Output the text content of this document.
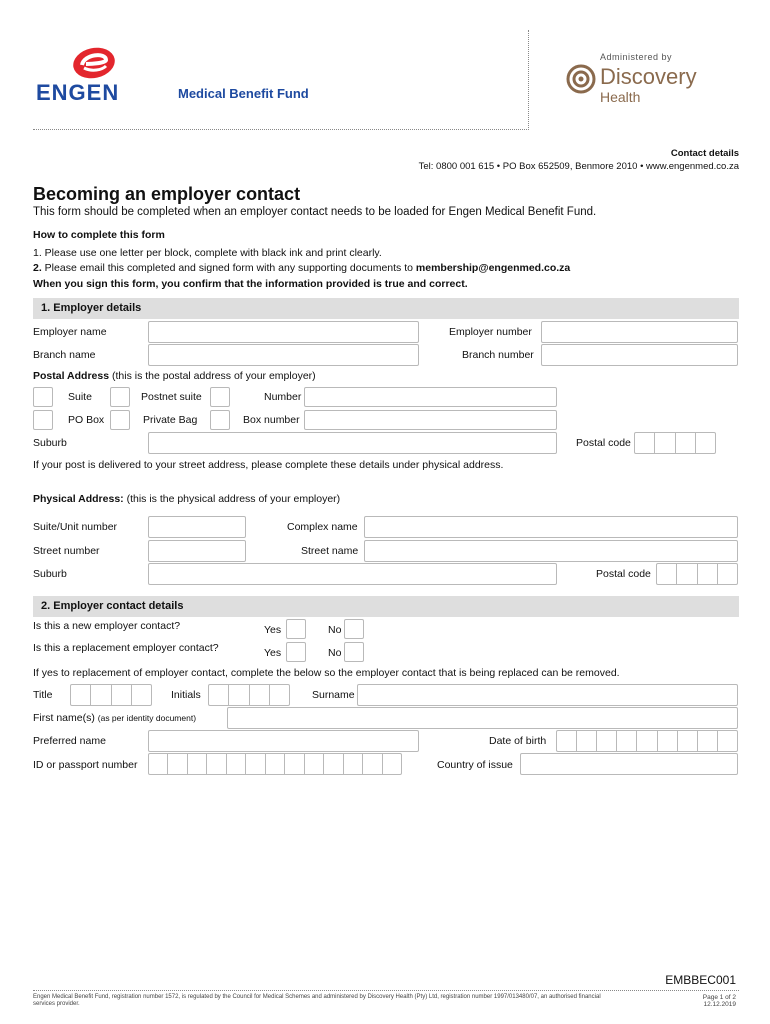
ENGEN	Medical Benefit Fund
Administered by
Discovery
Health
Contact details
Tel: 0800 001 615 • PO Box 652509, Benmore 2010 • www.engenmed.co.za
Becoming an employer contact
This form should be completed when an employer contact needs to be loaded for Engen Medical Benefit Fund.
How to complete this form
1. Please use one letter per block, complete with black ink and print clearly.
2. Please email this completed and signed form with any supporting documents to membership@engenmed.co.za
When you sign this form, you confirm that the information provided is true and correct.
1. Employer details
Employer name	Employer number
Branch name	Branch number
Postal Address (this is the postal address of your employer)
Suite	Postnet suite	Number
PO Box	Private Bag	Box number
Suburb	Postal code
If your post is delivered to your street address, please complete these details under physical address.
Physical Address: (this is the physical address of your employer)
Suite/Unit number	Complex name
Street number	Street name
Suburb	Postal code
2. Employer contact details
Is this a new employer contact?	Yes	No
Is this a replacement employer contact?	Yes	No
If yes to replacement of employer contact, complete the below so the employer contact that is being replaced can be removed.
Title	Initials	Surname
First name(s) (as per identity document)
Preferred name	Date of birth
ID or passport number	Country of issue
EMBBEC001
Engen Medical Benefit Fund, registration number 1572, is regulated by the Council for Medical Schemes and administered by Discovery Health (Pty) Ltd, registration number 1997/013480/07, an authorised financial services provider.
Page 1 of 2
12.12.2019
